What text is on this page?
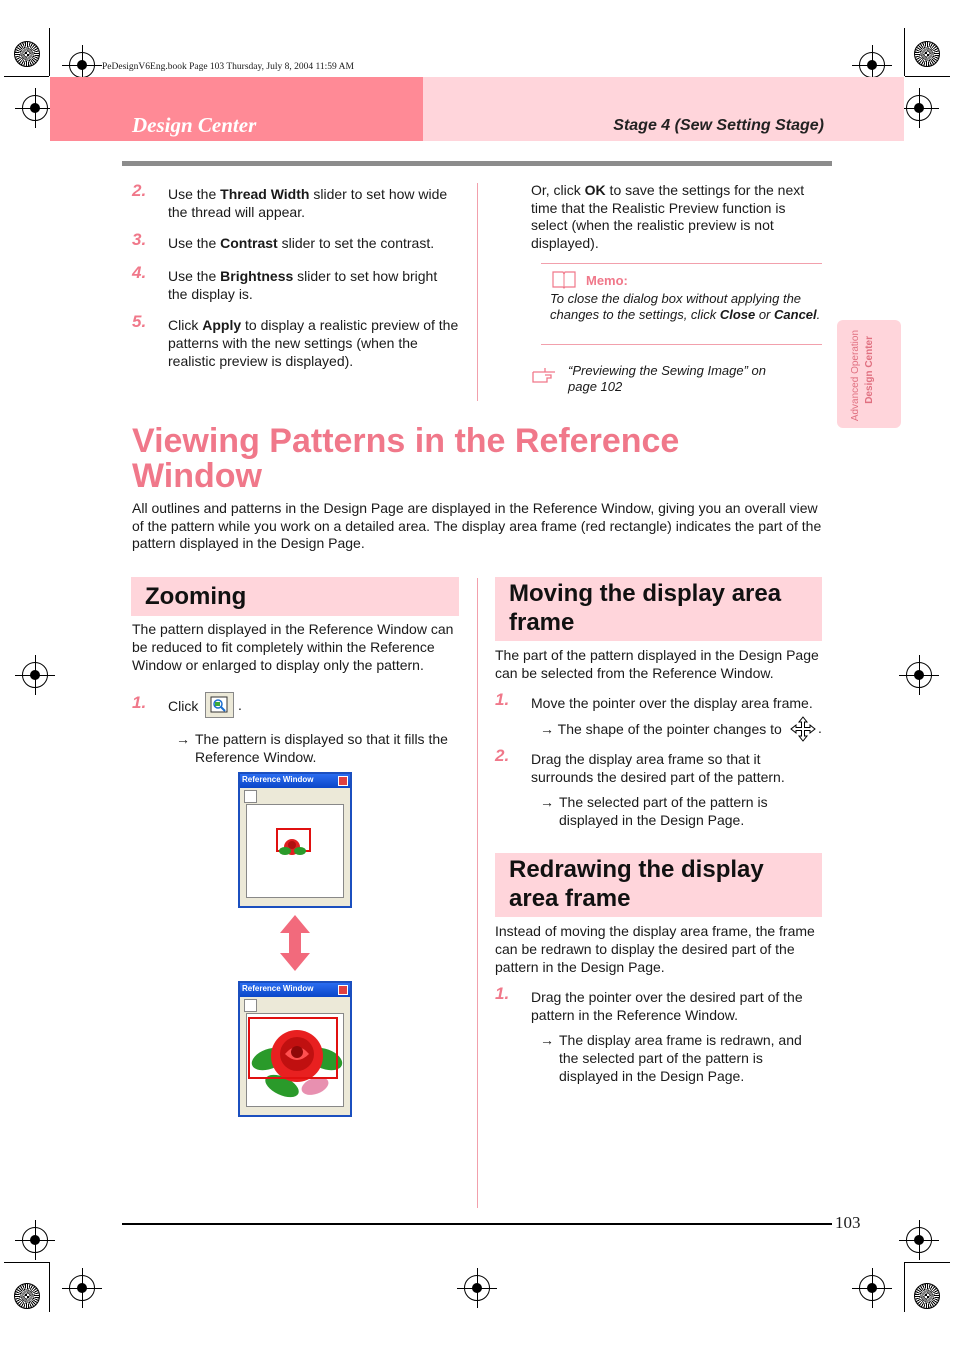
PeDesignV6Eng.book Page 103 Thursday, July 8, 2004 11:59 AM
Design Center	Stage 4 (Sew Setting Stage)
Advanced Operation Design Center
2. Use the Thread Width slider to set how wide the thread will appear.
3. Use the Contrast slider to set the contrast.
4. Use the Brightness slider to set how bright the display is.
5. Click Apply to display a realistic preview of the patterns with the new settings (when the realistic preview is displayed).
Or, click OK to save the settings for the next time that the Realistic Preview function is select (when the realistic preview is not displayed).
Memo:
To close the dialog box without applying the changes to the settings, click Close or Cancel.
“Previewing the Sewing Image” on page 102
Viewing Patterns in the Reference Window
All outlines and patterns in the Design Page are displayed in the Reference Window, giving you an overall view of the pattern while you work on a detailed area. The display area frame (red rectangle) indicates the part of the pattern displayed in the Design Page.
Zooming
The pattern displayed in the Reference Window can be reduced to fit completely within the Reference Window or enlarged to display only the pattern.
1. Click	.
→ The pattern is displayed so that it fills the Reference Window.
Reference Window
Reference Window
Moving the display area frame
The part of the pattern displayed in the Design Page can be selected from the Reference Window.
1. Move the pointer over the display area frame.
→ The shape of the pointer changes to	.
2. Drag the display area frame so that it surrounds the desired part of the pattern.
→ The selected part of the pattern is displayed in the Design Page.
Redrawing the display area frame
Instead of moving the display area frame, the frame can be redrawn to display the desired part of the pattern in the Design Page.
1. Drag the pointer over the desired part of the pattern in the Reference Window.
→ The display area frame is redrawn, and the selected part of the pattern is displayed in the Design Page.
103
